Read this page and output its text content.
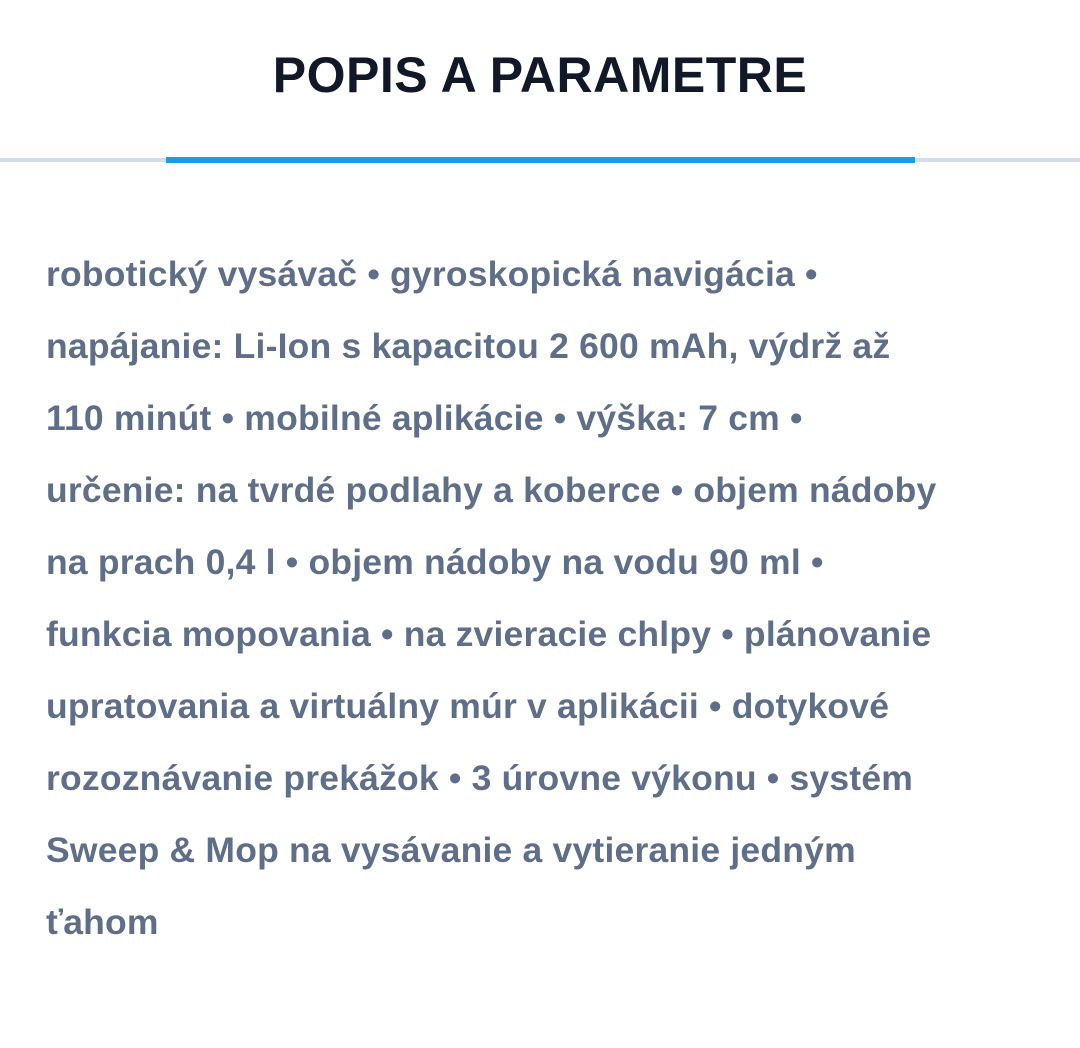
POPIS A PARAMETRE

robotický vysávač • gyroskopická navigácia •
napájanie: Li-Ion s kapacitou 2 600 mAh, výdrž až
110 minút • mobilné aplikácie • výška: 7 cm •
určenie: na tvrdé podlahy a koberce • objem nádoby
na prach 0,4 l • objem nádoby na vodu 90 ml •
funkcia mopovania • na zvieracie chlpy • plánovanie
upratovania a virtuálny múr v aplikácii • dotykové
rozoznávanie prekážok • 3 úrovne výkonu • systém
Sweep & Mop na vysávanie a vytieranie jedným
ťahom
